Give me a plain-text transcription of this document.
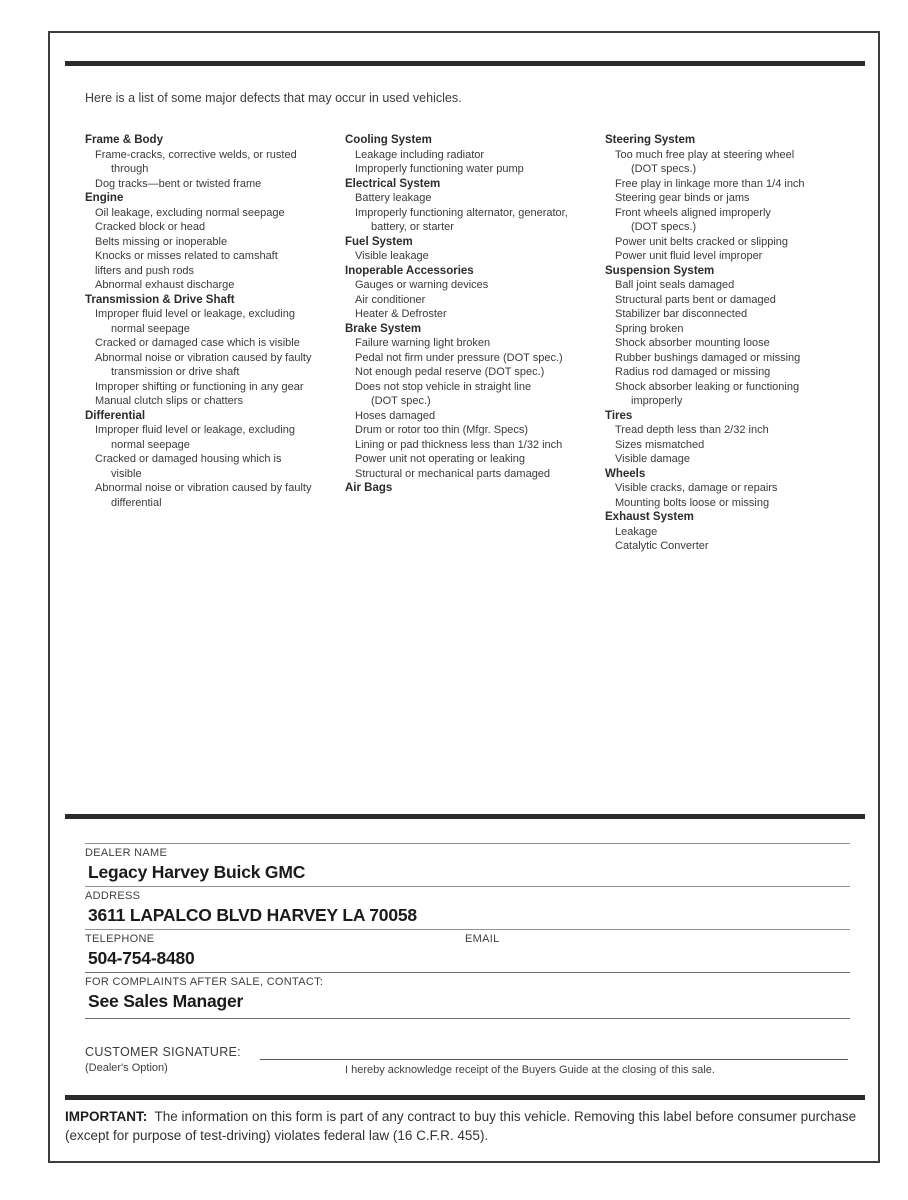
Here is a list of some major defects that may occur in used vehicles.
Frame & Body
Frame-cracks, corrective welds, or rusted
through
Dog tracks—bent or twisted frame
Engine
Oil leakage, excluding normal seepage
Cracked block or head
Belts missing or inoperable
Knocks or misses related to camshaft
lifters and push rods
Abnormal exhaust discharge
Transmission & Drive Shaft
Improper fluid level or leakage, excluding
normal seepage
Cracked or damaged case which is visible
Abnormal noise or vibration caused by faulty
transmission or drive shaft
Improper shifting or functioning in any gear
Manual clutch slips or chatters
Differential
Improper fluid level or leakage, excluding
normal seepage
Cracked or damaged housing which is
visible
Abnormal noise or vibration caused by faulty
differential
Cooling System
Leakage including radiator
Improperly functioning water pump
Electrical System
Battery leakage
Improperly functioning alternator, generator,
battery, or starter
Fuel System
Visible leakage
Inoperable Accessories
Gauges or warning devices
Air conditioner
Heater & Defroster
Brake System
Failure warning light broken
Pedal not firm under pressure (DOT spec.)
Not enough pedal reserve (DOT spec.)
Does not stop vehicle in straight line
(DOT spec.)
Hoses damaged
Drum or rotor too thin (Mfgr. Specs)
Lining or pad thickness less than 1/32 inch
Power unit not operating or leaking
Structural or mechanical parts damaged
Air Bags
Steering System
Too much free play at steering wheel
(DOT specs.)
Free play in linkage more than 1/4 inch
Steering gear binds or jams
Front wheels aligned improperly
(DOT specs.)
Power unit belts cracked or slipping
Power unit fluid level improper
Suspension System
Ball joint seals damaged
Structural parts bent or damaged
Stabilizer bar disconnected
Spring broken
Shock absorber mounting loose
Rubber bushings damaged or missing
Radius rod damaged or missing
Shock absorber leaking or functioning
improperly
Tires
Tread depth less than 2/32 inch
Sizes mismatched
Visible damage
Wheels
Visible cracks, damage or repairs
Mounting bolts loose or missing
Exhaust System
Leakage
Catalytic Converter
DEALER NAME
Legacy Harvey Buick GMC
ADDRESS
3611 LAPALCO BLVD HARVEY LA 70058
TELEPHONE	EMAIL
504-754-8480
FOR COMPLAINTS AFTER SALE, CONTACT:
See Sales Manager
CUSTOMER SIGNATURE:
(Dealer's Option)	I hereby acknowledge receipt of the Buyers Guide at the closing of this sale.
IMPORTANT: The information on this form is part of any contract to buy this vehicle. Removing this label before consumer purchase (except for purpose of test-driving) violates federal law (16 C.F.R. 455).
